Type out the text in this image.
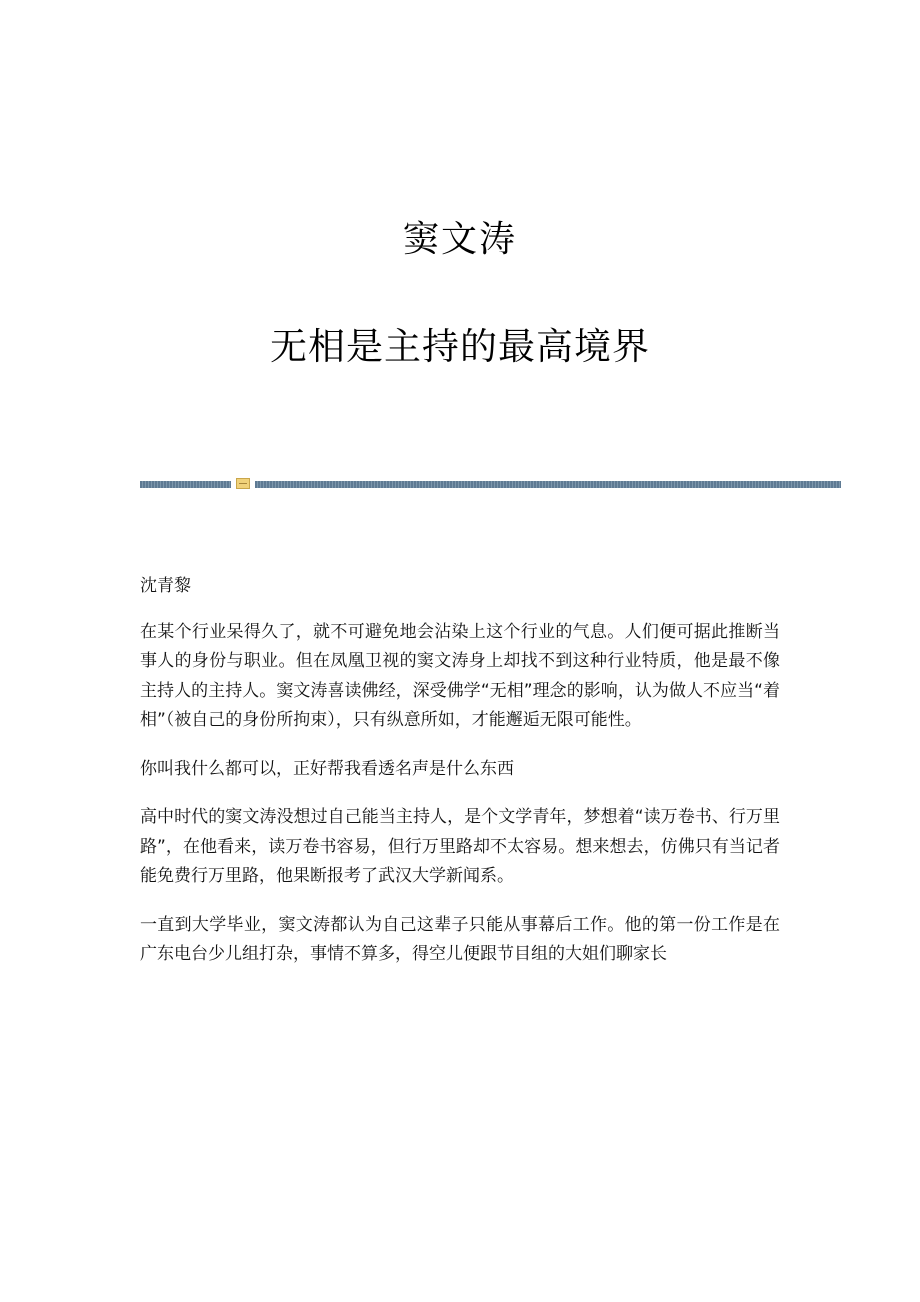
窦文涛
无相是主持的最高境界

沈青黎

在某个行业呆得久了，就不可避免地会沾染上这个行业的气息。人们便可据此推断当事人的身份与职业。但在凤凰卫视的窦文涛身上却找不到这种行业特质，他是最不像主持人的主持人。窦文涛喜读佛经，深受佛学“无相”理念的影响，认为做人不应当“着相”（被自己的身份所拘束），只有纵意所如，才能邂逅无限可能性。

你叫我什么都可以，正好帮我看透名声是什么东西

高中时代的窦文涛没想过自己能当主持人，是个文学青年，梦想着“读万卷书、行万里路”，在他看来，读万卷书容易，但行万里路却不太容易。想来想去，仿佛只有当记者能免费行万里路，他果断报考了武汉大学新闻系。

一直到大学毕业，窦文涛都认为自己这辈子只能从事幕后工作。他的第一份工作是在广东电台少儿组打杂，事情不算多，得空儿便跟节目组的大姐们聊家长
